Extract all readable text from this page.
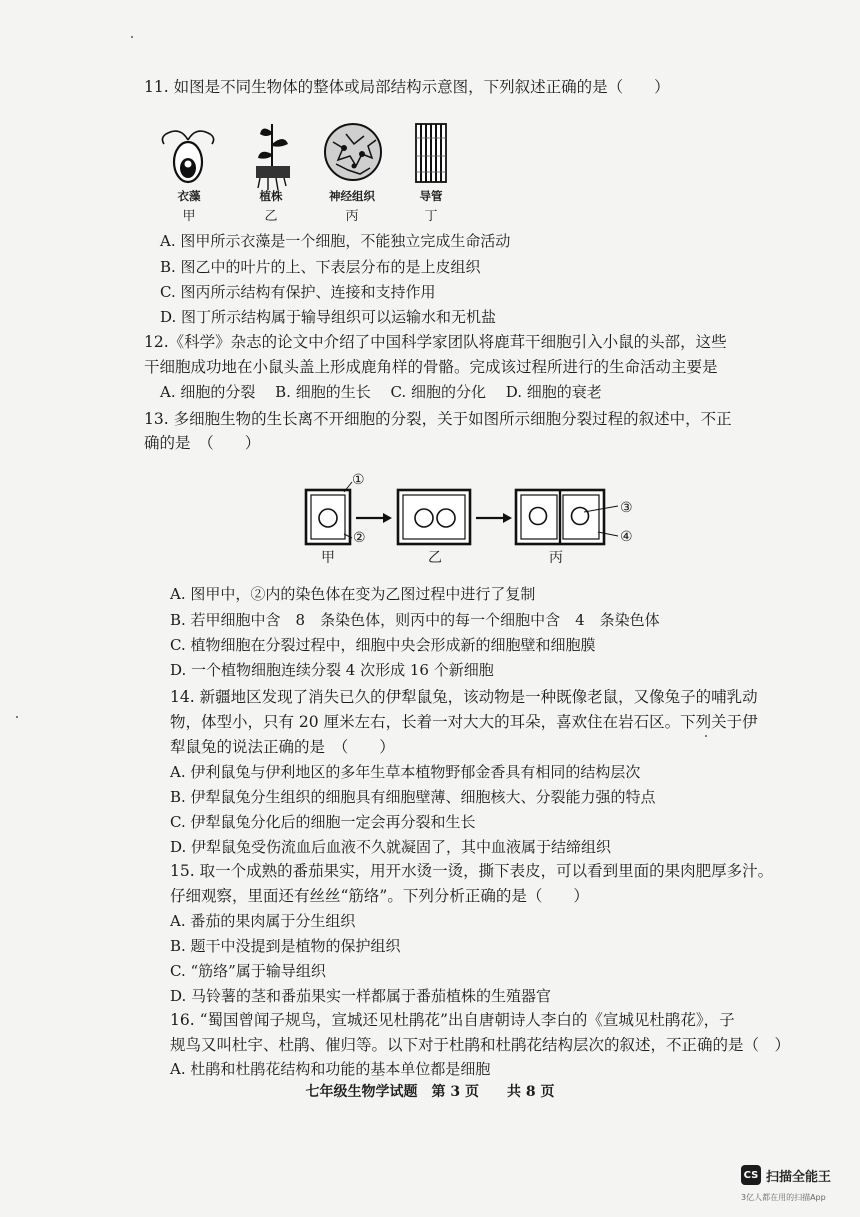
11. 如图是不同生物体的整体或局部结构示意图，下列叙述正确的是（　　）
衣藻
甲
植株
乙
神经组织
丙
导管
丁
A. 图甲所示衣藻是一个细胞，不能独立完成生命活动
B. 图乙中的叶片的上、下表层分布的是上皮组织
C. 图丙所示结构有保护、连接和支持作用
D. 图丁所示结构属于输导组织可以运输水和无机盐
12.《科学》杂志的论文中介绍了中国科学家团队将鹿茸干细胞引入小鼠的头部，这些
干细胞成功地在小鼠头盖上形成鹿角样的骨骼。完成该过程所进行的生命活动主要是
A. 细胞的分裂　 B. 细胞的生长　 C. 细胞的分化　 D. 细胞的衰老
13. 多细胞生物的生长离不开细胞的分裂，关于如图所示细胞分裂过程的叙述中，不正
确的是　（　　）
①
②
③
④
甲	乙	丙
A. 图甲中，②内的染色体在变为乙图过程中进行了复制
B. 若甲细胞中含　8　条染色体，则丙中的每一个细胞中含　4　条染色体
C. 植物细胞在分裂过程中，细胞中央会形成新的细胞壁和细胞膜
D. 一个植物细胞连续分裂 4 次形成 16 个新细胞
14. 新疆地区发现了消失已久的伊犁鼠兔，该动物是一种既像老鼠，又像兔子的哺乳动
物，体型小，只有 20 厘米左右，长着一对大大的耳朵，喜欢住在岩石区。下列关于伊
犁鼠兔的说法正确的是　（　　）
A. 伊利鼠兔与伊利地区的多年生草本植物野郁金香具有相同的结构层次
B. 伊犁鼠兔分生组织的细胞具有细胞壁薄、细胞核大、分裂能力强的特点
C. 伊犁鼠兔分化后的细胞一定会再分裂和生长
D. 伊犁鼠兔受伤流血后血液不久就凝固了，其中血液属于结缔组织
15. 取一个成熟的番茄果实，用开水烫一烫，撕下表皮，可以看到里面的果肉肥厚多汁。
仔细观察，里面还有丝丝“筋络”。下列分析正确的是（　　）
A. 番茄的果肉属于分生组织
B. 题干中没提到是植物的保护组织
C. “筋络”属于输导组织
D. 马铃薯的茎和番茄果实一样都属于番茄植株的生殖器官
16. “蜀国曾闻子规鸟，宣城还见杜鹃花”出自唐朝诗人李白的《宣城见杜鹃花》，子
规鸟又叫杜宇、杜鹃、催归等。以下对于杜鹃和杜鹃花结构层次的叙述，不正确的是（　）
A. 杜鹃和杜鹃花结构和功能的基本单位都是细胞
七年级生物学试题　第 3 页　　共 8 页
CS 扫描全能王
3亿人都在用的扫描App
